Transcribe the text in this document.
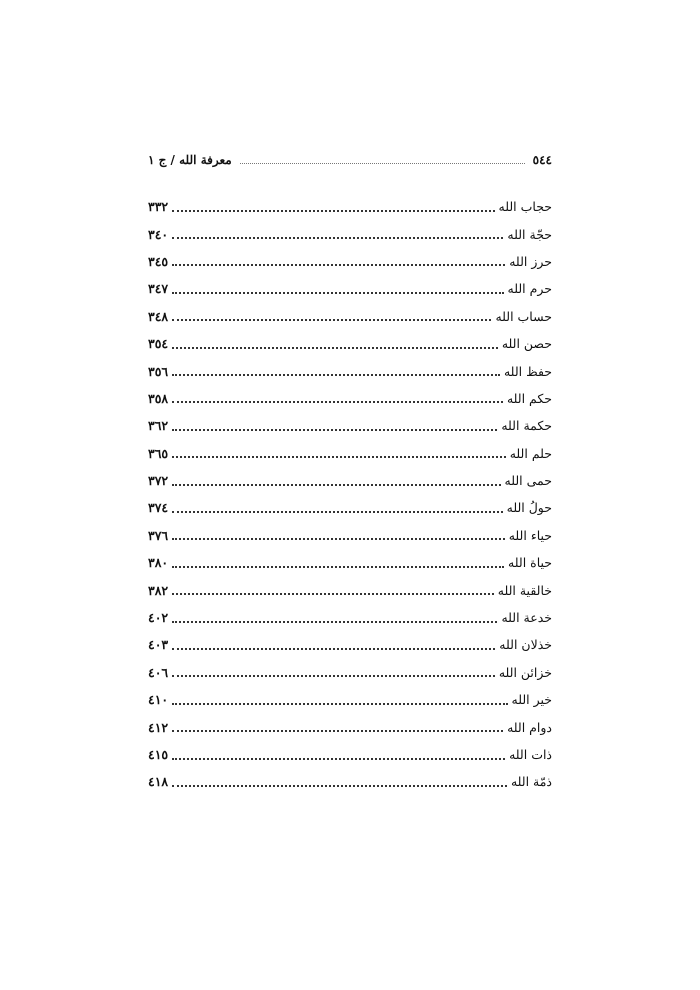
٥٤٤
معرفة الله / ج ١
حجاب الله
٣٣٢
حجّة الله
٣٤٠
حرز الله
٣٤٥
حرم الله
٣٤٧
حساب الله
٣٤٨
حصن الله
٣٥٤
حفظ الله
٣٥٦
حكم الله
٣٥٨
حكمة الله
٣٦٢
حلم الله
٣٦٥
حمى الله
٣٧٢
حولُ الله
٣٧٤
حياء الله
٣٧٦
حياة الله
٣٨٠
خالقية الله
٣٨٢
خدعة الله
٤٠٢
خذلان الله
٤٠٣
خزائن الله
٤٠٦
خير الله
٤١٠
دوام الله
٤١٢
ذات الله
٤١٥
ذمّة الله
٤١٨
